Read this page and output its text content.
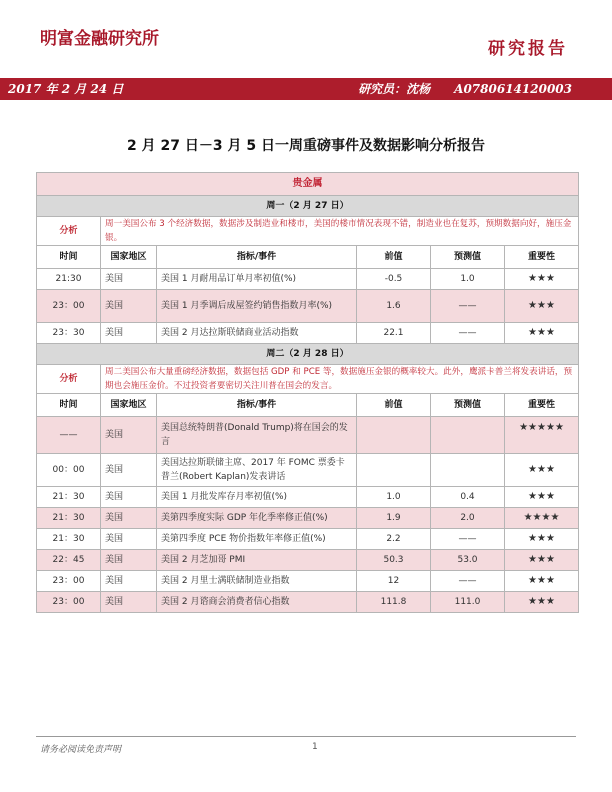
明富金融研究所	研究报告
2017 年 2 月 24 日	研究员：沈杨　　A0780614120003
2 月 27 日－3 月 5 日一周重磅事件及数据影响分析报告
贵金属					
周一（2 月 27 日）					
分析	周一美国公布 3 个经济数据，数据涉及制造业和楼市，美国的楼市情况表现不错，制造业也在复苏，预期数据向好，施压金银。				
时间	国家地区	指标/事件	前值	预测值	重要性
21:30	美国	美国 1 月耐用品订单月率初值(%)	-0.5	1.0	★★★
23：00	美国	美国 1 月季调后成屋签约销售指数月率(%)	1.6	——	★★★
23：30	美国	美国 2 月达拉斯联储商业活动指数	22.1	——	★★★
周二（2 月 28 日）					
分析	周二美国公布大量重磅经济数据，数据包括 GDP 和 PCE 等，数据施压金银的概率较大。此外，鹰派卡普兰将发表讲话，预期也会施压金价。不过投资者要密切关注川普在国会的发言。				
时间	国家地区	指标/事件	前值	预测值	重要性
——	美国	美国总统特朗普(Donald Trump)将在国会的发言			★★★★★
00：00	美国	美国达拉斯联储主席、2017 年 FOMC 票委卡普兰(Robert Kaplan)发表讲话			★★★
21：30	美国	美国 1 月批发库存月率初值(%)	1.0	0.4	★★★
21：30	美国	美第四季度实际 GDP 年化季率修正值(%)	1.9	2.0	★★★★
21：30	美国	美第四季度 PCE 物价指数年率修正值(%)	2.2	——	★★★
22：45	美国	美国 2 月芝加哥 PMI	50.3	53.0	★★★
23：00	美国	美国 2 月里士满联储制造业指数	12	——	★★★
23：00	美国	美国 2 月谘商会消费者信心指数	111.8	111.0	★★★
请务必阅读免责声明	1
